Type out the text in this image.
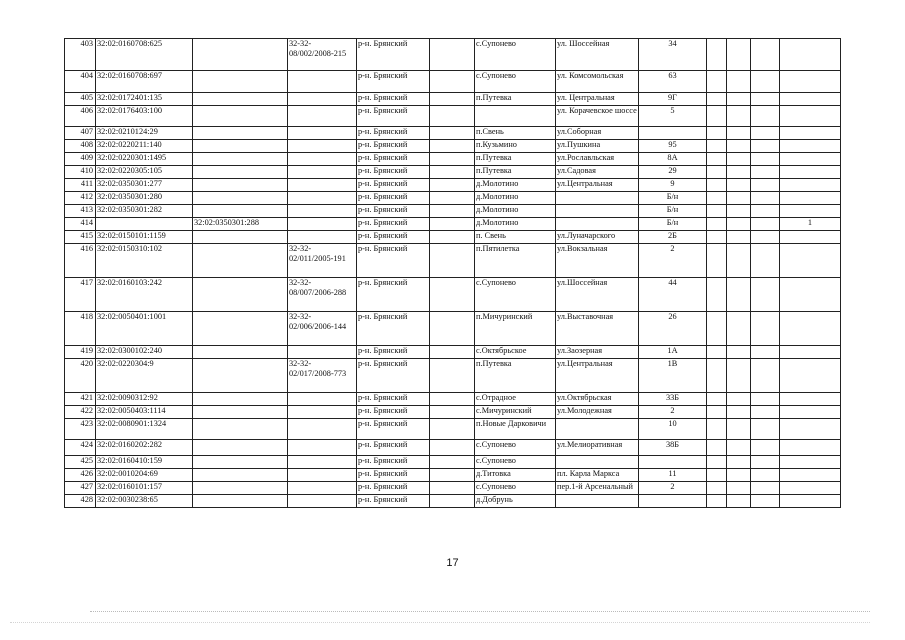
403	32:02:0160708:625		32-32-08/002/2008-215	р-н. Брянский		с.Супонево	ул. Шоссейная	34				
404	32:02:0160708:697			р-н. Брянский		с.Супонево	ул. Комсомольская	63				
405	32:02:0172401:135			р-н. Брянский		п.Путевка	ул. Центральная	9Г				
406	32:02:0176403:100			р-н. Брянский			ул. Корачевское шоссе	5				
407	32:02:0210124:29			р-н. Брянский		п.Свень	ул.Соборная					
408	32:02:0220211:140			р-н. Брянский		п.Кузьмино	ул.Пушкина	95				
409	32:02:0220301:1495			р-н. Брянский		п.Путевка	ул.Рославльская	8А				
410	32:02:0220305:105			р-н. Брянский		п.Путевка	ул.Садовая	29				
411	32:02:0350301:277			р-н. Брянский		д.Молотино	ул.Центральная	9				
412	32:02:0350301:280			р-н. Брянский		д.Молотино		Б/н				
413	32:02:0350301:282			р-н. Брянский		д.Молотино		Б/н				
414		32:02:0350301:288		р-н. Брянский		д.Молотино		Б/н				1
415	32:02:0150101:1159			р-н. Брянский		п. Свень	ул.Луначарского	2Б				
416	32:02:0150310:102		32-32-02/011/2005-191	р-н. Брянский		п.Пятилетка	ул.Вокзальная	2				
417	32:02:0160103:242		32-32-08/007/2006-288	р-н. Брянский		с.Супонево	ул.Шоссейная	44				
418	32:02:0050401:1001		32-32-02/006/2006-144	р-н. Брянский		п.Мичуринский	ул.Выставочная	26				
419	32:02:0300102:240			р-н. Брянский		с.Октябрьское	ул.Заозерная	1А				
420	32:02:0220304:9		32-32-02/017/2008-773	р-н. Брянский		п.Путевка	ул.Центральная	1В				
421	32:02:0090312:92			р-н. Брянский		с.Отрадное	ул.Октябрьская	33Б				
422	32:02:0050403:1114			р-н. Брянский		с.Мичуринский	ул.Молодежная	2				
423	32:02:0080901:1324			р-н. Брянский		п.Новые Дарковичи		10				
424	32:02:0160202:282			р-н. Брянский		с.Супонево	ул.Мелиоративная	38Б				
425	32:02:0160410:159			р-н. Брянский		с.Супонево						
426	32:02:0010204:69			р-н. Брянский		д.Титовка	пл. Карла Маркса	11				
427	32:02:0160101:157			р-н. Брянский		с.Супонево	пер.1-й Арсенальный	2				
428	32:02:0030238:65			р-н. Брянский		д.Добрунь						
17
